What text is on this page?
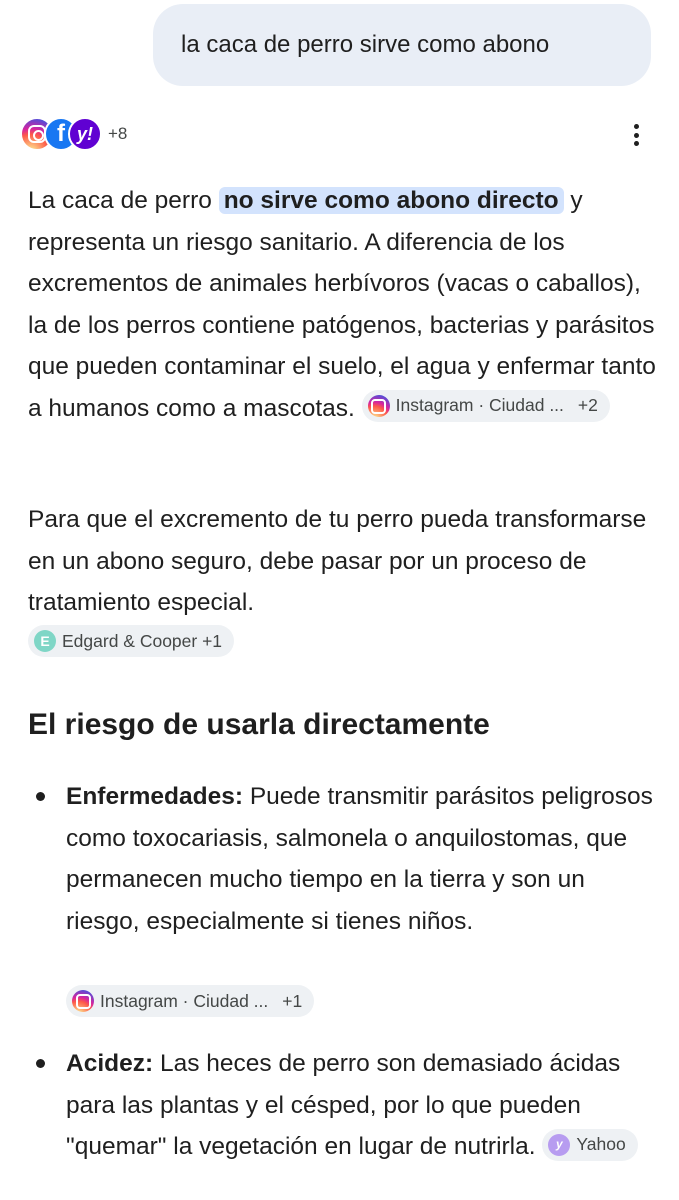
la caca de perro sirve como abono
f y! +8
La caca de perro no sirve como abono directo y representa un riesgo sanitario. A diferencia de los excrementos de animales herbívoros (vacas o caballos), la de los perros contiene patógenos, bacterias y parásitos que pueden contaminar el suelo, el agua y enfermar tanto a humanos como a mascotas. Instagram · Ciudad ... +2
Para que el excremento de tu perro pueda transformarse en un abono seguro, debe pasar por un proceso de tratamiento especial.
E Edgard & Cooper +1
El riesgo de usarla directamente
Enfermedades: Puede transmitir parásitos peligrosos como toxocariasis, salmonela o anquilostomas, que permanecen mucho tiempo en la tierra y son un riesgo, especialmente si tienes niños.
Instagram · Ciudad ... +1
Acidez: Las heces de perro son demasiado ácidas para las plantas y el césped, por lo que pueden "quemar" la vegetación en lugar de nutrirla.	y Yahoo
